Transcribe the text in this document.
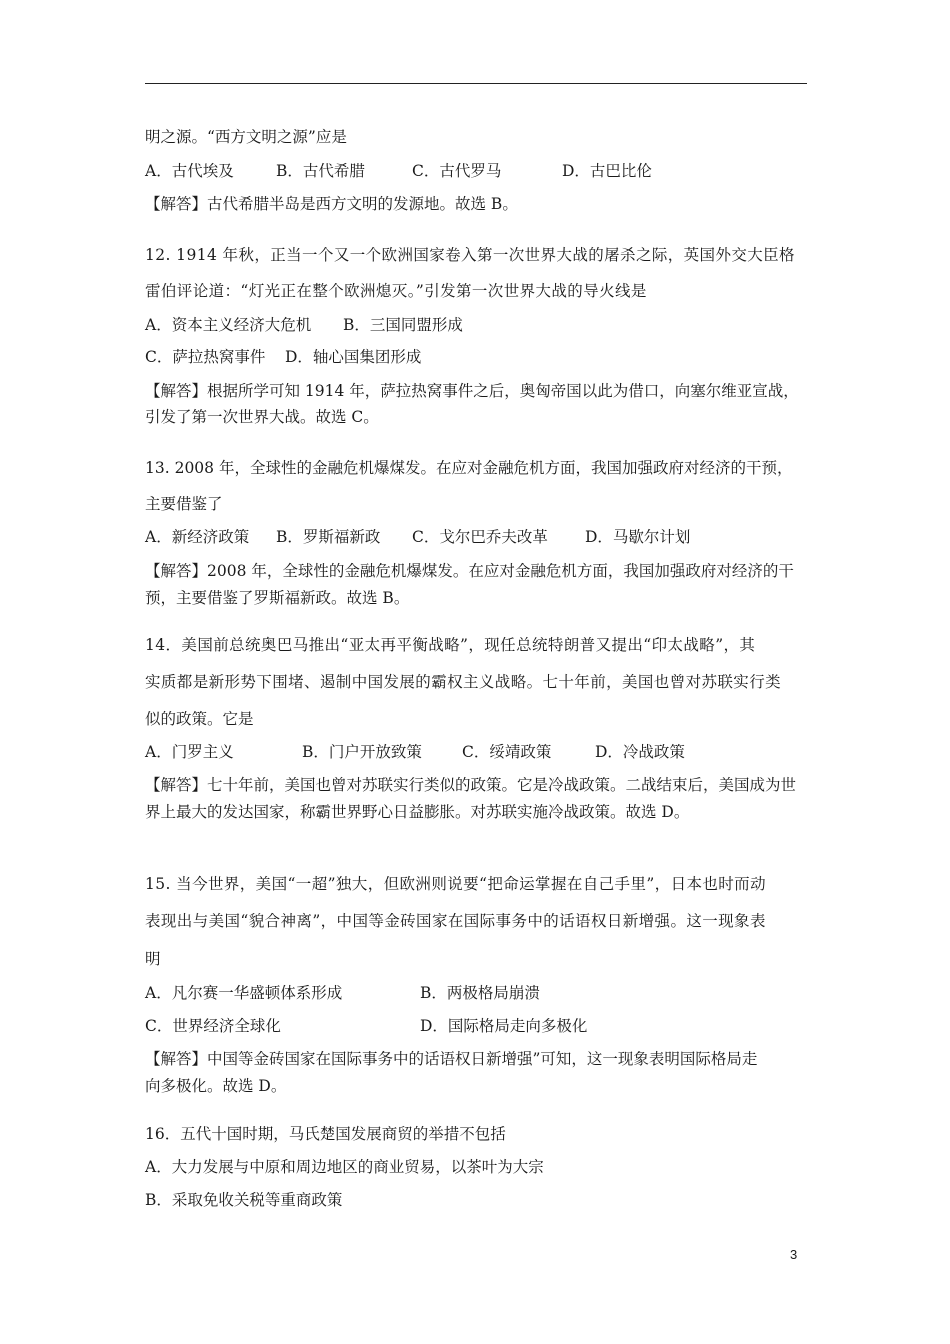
明之源。“西方文明之源”应是
A．古代埃及	B．古代希腊	C．古代罗马	D．古巴比伦
【解答】古代希腊半岛是西方文明的发源地。故选 B。
12. 1914 年秋，正当一个又一个欧洲国家卷入第一次世界大战的屠杀之际，英国外交大臣格
雷伯评论道：“灯光正在整个欧洲熄灭。”引发第一次世界大战的导火线是
A．资本主义经济大危机 B．三国同盟形成
C．萨拉热窝事件 D．轴心国集团形成
【解答】根据所学可知 1914 年，萨拉热窝事件之后，奥匈帝国以此为借口，向塞尔维亚宣战，
引发了第一次世界大战。故选 C。
13. 2008 年，全球性的金融危机爆煤发。在应对金融危机方面，我国加强政府对经济的干预，
主要借鉴了
A．新经济政策 B．罗斯福新政 C．戈尔巴乔夫改革 D．马歇尔计划
【解答】2008 年，全球性的金融危机爆煤发。在应对金融危机方面，我国加强政府对经济的干
预，主要借鉴了罗斯福新政。故选 B。
14．美国前总统奥巴马推出“亚太再平衡战略”，现任总统特朗普又提出“印太战略”，其
实质都是新形势下围堵、遏制中国发展的霸权主义战略。七十年前，美国也曾对苏联实行类
似的政策。它是
A．门罗主义	B．门户开放致策	C．绥靖政策	D．冷战政策
【解答】七十年前，美国也曾对苏联实行类似的政策。它是冷战政策。二战结束后，美国成为世
界上最大的发达国家，称霸世界野心日益膨胀。对苏联实施冷战政策。故选 D。
15. 当今世界，美国“一超”独大，但欧洲则说要“把命运掌握在自己手里”，日本也时而动
表现出与美国“貌合神离”，中国等金砖国家在国际事务中的话语权日新增强。这一现象表
明
A．凡尔赛一华盛顿体系形成	B．两极格局崩溃
C．世界经济全球化	D．国际格局走向多极化
【解答】中国等金砖国家在国际事务中的话语权日新增强”可知，这一现象表明国际格局走
向多极化。故选 D。
16．五代十国时期，马氏楚国发展商贸的举措不包括
A．大力发展与中原和周边地区的商业贸易，以茶叶为大宗
B．采取免收关税等重商政策
3
